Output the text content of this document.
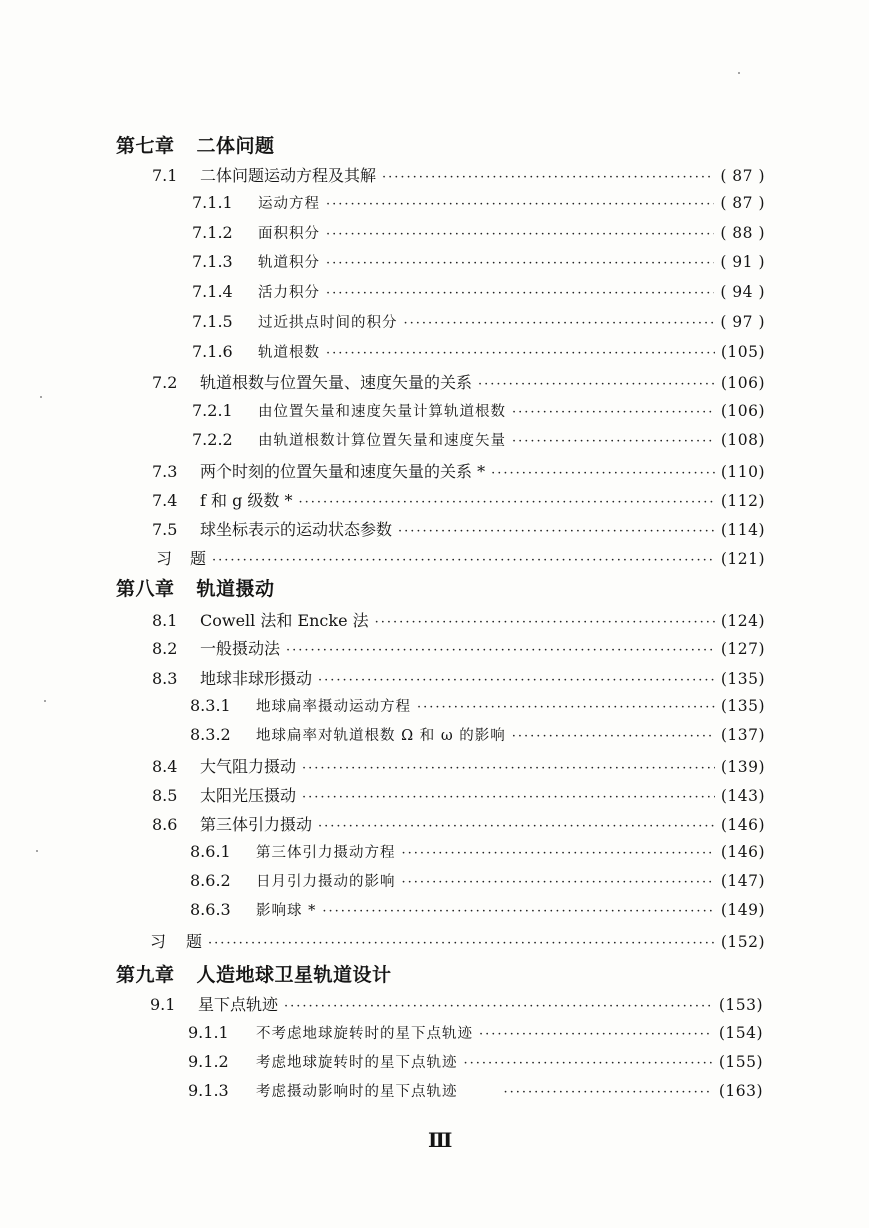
第七章 二体问题
第八章 轨道摄动
第九章 人造地球卫星轨道设计
7.1	二体问题运动方程及其解 ·····	( 87 )
7.1.1	运动方程 ·····	( 87 )
7.1.2	面积积分 ·····	( 88 )
7.1.3	轨道积分 ·····	( 91 )
7.1.4	活力积分 ·····	( 94 )
7.1.5	过近拱点时间的积分 ·····	( 97 )
7.1.6	轨道根数 ·····	(105)
7.2	轨道根数与位置矢量、速度矢量的关系 ·····	(106)
7.2.1	由位置矢量和速度矢量计算轨道根数 ·····	(106)
7.2.2	由轨道根数计算位置矢量和速度矢量 ·····	(108)
7.3	两个时刻的位置矢量和速度矢量的关系 * ·····	(110)
7.4	f 和 g 级数 * ·····	(112)
7.5	球坐标表示的运动状态参数 ·····	(114)
习	题 ·····	(121)
8.1	Cowell 法和 Encke 法 ·····	(124)
8.2	一般摄动法 ·····	(127)
8.3	地球非球形摄动 ·····	(135)
8.3.1	地球扁率摄动运动方程 ·····	(135)
8.3.2	地球扁率对轨道根数 Ω 和 ω 的影响 ·····	(137)
8.4	大气阻力摄动 ·····	(139)
8.5	太阳光压摄动 ·····	(143)
8.6	第三体引力摄动 ·····	(146)
8.6.1	第三体引力摄动方程 ·····	(146)
8.6.2	日月引力摄动的影响 ·····	(147)
8.6.3	影响球 * ·····	(149)
习	题 ·····	(152)
9.1	星下点轨迹 ·····	(153)
9.1.1	不考虑地球旋转时的星下点轨迹 ·····	(154)
9.1.2	考虑地球旋转时的星下点轨迹 ·····	(155)
9.1.3	考虑摄动影响时的星下点轨迹 ·····	(163)
Ⅲ
